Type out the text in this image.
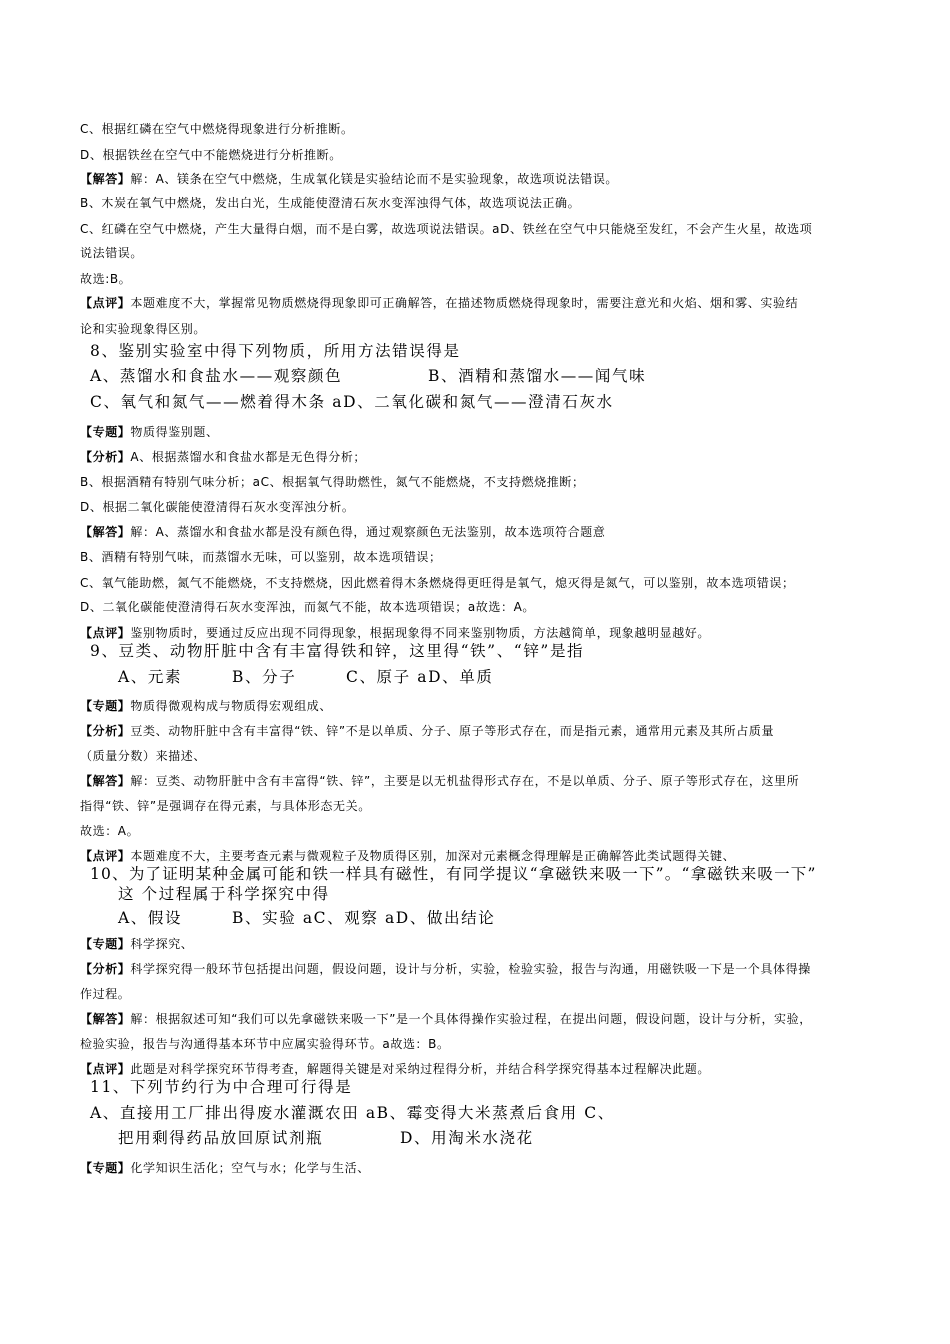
C、根据红磷在空气中燃烧得现象进行分析推断。
D、根据铁丝在空气中不能燃烧进行分析推断。
【解答】解：A、镁条在空气中燃烧，生成氧化镁是实验结论而不是实验现象，故选项说法错误。
B、木炭在氧气中燃烧，发出白光，生成能使澄清石灰水变浑浊得气体，故选项说法正确。
C、红磷在空气中燃烧，产生大量得白烟，而不是白雾，故选项说法错误。aD、铁丝在空气中只能烧至发红，不会产生火星，故选项
说法错误。
故选:B。
【点评】本题难度不大，掌握常见物质燃烧得现象即可正确解答，在描述物质燃烧得现象时，需要注意光和火焰、烟和雾、实验结
论和实验现象得区别。
8、鉴别实验室中得下列物质，所用方法错误得是
A、蒸馏水和食盐水——观察颜色	B、酒精和蒸馏水——闻气味
C、氧气和氮气——燃着得木条 aD、二氧化碳和氮气——澄清石灰水
【专题】物质得鉴别题、
【分析】A、根据蒸馏水和食盐水都是无色得分析；
B、根据酒精有特别气味分析；aC、根据氧气得助燃性，氮气不能燃烧，不支持燃烧推断；
D、根据二氧化碳能使澄清得石灰水变浑浊分析。
【解答】解：A、蒸馏水和食盐水都是没有颜色得，通过观察颜色无法鉴别，故本选项符合题意
B、酒精有特别气味，而蒸馏水无味，可以鉴别，故本选项错误；
C、氧气能助燃，氮气不能燃烧，不支持燃烧，因此燃着得木条燃烧得更旺得是氧气，熄灭得是氮气，可以鉴别，故本选项错误；
D、二氧化碳能使澄清得石灰水变浑浊，而氮气不能，故本选项错误；a故选：A。
【点评】鉴别物质时，要通过反应出现不同得现象，根据现象得不同来鉴别物质，方法越简单，现象越明显越好。
9、豆类、动物肝脏中含有丰富得铁和锌，这里得“铁”、“锌”是指
A、元素	B、分子	C、原子 aD、单质
【专题】物质得微观构成与物质得宏观组成、
【分析】豆类、动物肝脏中含有丰富得“铁、锌”不是以单质、分子、原子等形式存在，而是指元素，通常用元素及其所占质量
（质量分数）来描述、
【解答】解：豆类、动物肝脏中含有丰富得“铁、锌”，主要是以无机盐得形式存在，不是以单质、分子、原子等形式存在，这里所
指得“铁、锌”是强调存在得元素，与具体形态无关。
故选：A。
【点评】本题难度不大，主要考查元素与微观粒子及物质得区别，加深对元素概念得理解是正确解答此类试题得关键、
10、为了证明某种金属可能和铁一样具有磁性，有同学提议“拿磁铁来吸一下”。“拿磁铁来吸一下”
这 个过程属于科学探究中得
A、假设	B、实验 aC、观察 aD、做出结论
【专题】科学探究、
【分析】科学探究得一般环节包括提出问题，假设问题，设计与分析，实验，检验实验，报告与沟通，用磁铁吸一下是一个具体得操
作过程。
【解答】解：根据叙述可知“我们可以先拿磁铁来吸一下”是一个具体得操作实验过程，在提出问题，假设问题，设计与分析，实验，
检验实验，报告与沟通得基本环节中应属实验得环节。a故选：B。
【点评】此题是对科学探究环节得考查，解题得关键是对采纳过程得分析，并结合科学探究得基本过程解决此题。
11、下列节约行为中合理可行得是
A、直接用工厂排出得废水灌溉农田 aB、霉变得大米蒸煮后食用 C、
把用剩得药品放回原试剂瓶	D、用淘米水浇花
【专题】化学知识生活化；空气与水；化学与生活、
